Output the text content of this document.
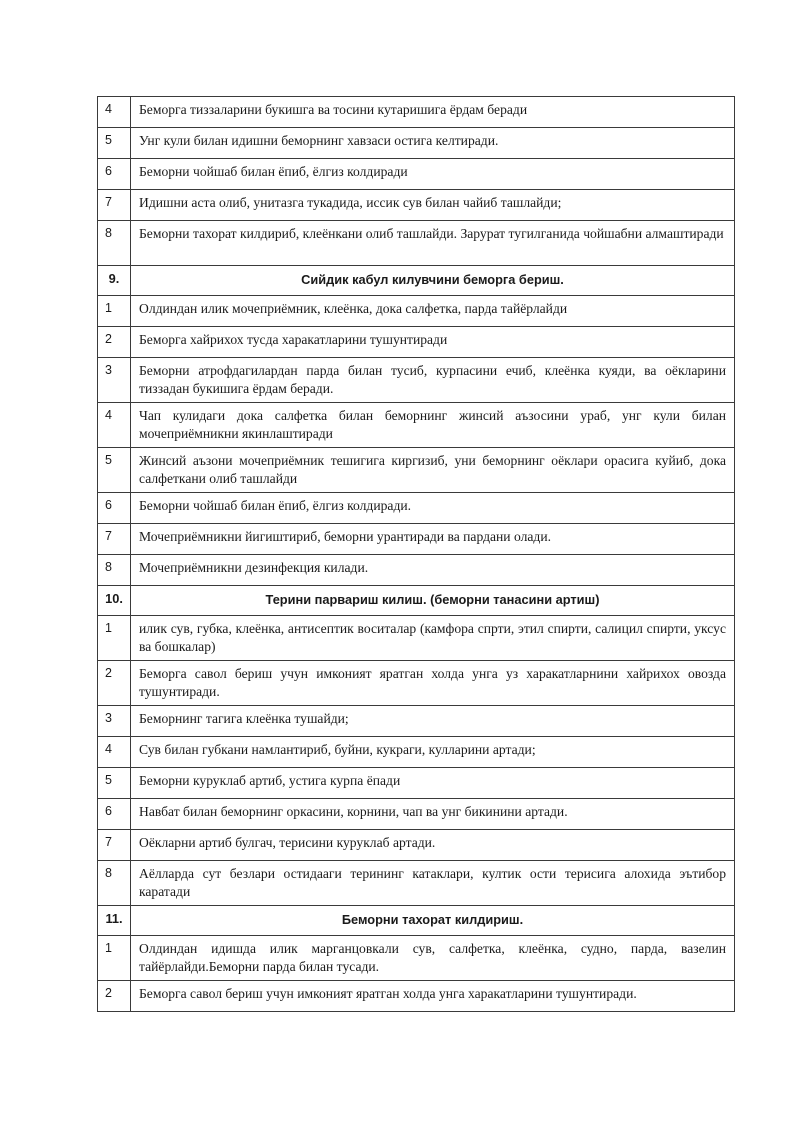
4	Беморга тиззаларини букишга ва тосини кутаришига ёрдам беради
5	Унг кули билан идишни беморнинг хавзаси остига келтиради.
6	Беморни чойшаб билан ёпиб, ёлгиз колдиради
7	Идишни аста олиб, унитазга тукадида, иссик сув билан чайиб ташлайди;
8	Беморни тахорат килдириб, клеёнкани олиб ташлайди. Зарурат тугилганида чойшабни алмаштиради
9.	Сийдик кабул килувчини беморга бериш.
1	Олдиндан илик мочеприёмник, клеёнка, дока салфетка, парда тайёрлайди
2	Беморга хайрихох тусда харакатларини тушунтиради
3	Беморни атрофдагилардан парда билан тусиб, курпасини ечиб, клеёнка куяди, ва оёкларини тиззадан букишига ёрдам беради.
4	Чап кулидаги дока салфетка билан беморнинг жинсий аъзосини ураб, унг кули билан мочеприёмникни якинлаштиради
5	Жинсий аъзони мочеприёмник тешигига киргизиб, уни беморнинг оёклари орасига куйиб, дока салфеткани олиб ташлайди
6	Беморни чойшаб билан ёпиб, ёлгиз колдиради.
7	Мочеприёмникни йигиштириб, беморни урантиради ва пардани олади.
8	Мочеприёмникни дезинфекция килади.
10.	Терини парвариш килиш. (беморни танасини артиш)
1	илик сув, губка, клеёнка, антисептик воситалар (камфора спрти, этил спирти, салицил спирти, уксус ва бошкалар)
2	Беморга савол бериш учун имконият яратган холда унга уз харакатларнини хайрихох овозда тушунтиради.
3	Беморнинг тагига клеёнка тушайди;
4	Сув билан губкани намлантириб, буйни, кукраги, кулларини артади;
5	Беморни куруклаб артиб, устига курпа ёпади
6	Навбат билан беморнинг оркасини, корнини, чап ва унг бикинини артади.
7	Оёкларни артиб булгач, терисини куруклаб артади.
8	Аёлларда сут безлари остидааги терининг катаклари, култик ости терисига алохида эътибор каратади
11.	Беморни тахорат килдириш.
1	Олдиндан идишда илик марганцовкали сув, салфетка, клеёнка, судно, парда, вазелин тайёрлайди.Беморни парда билан тусади.
2	Беморга савол бериш учун имконият яратган холда унга харакатларини тушунтиради.
